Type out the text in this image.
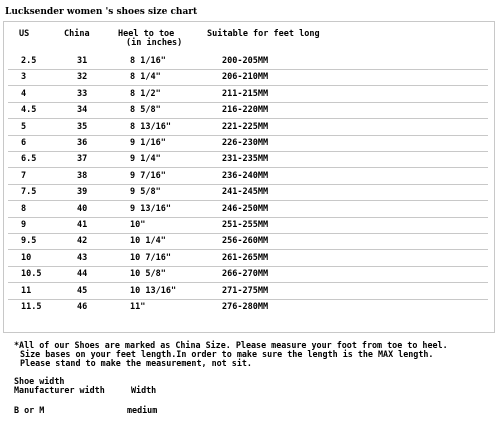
Lucksender women 's shoes size chart
US	China	Heel to toe
(in inches)
Suitable for feet long
2.5	31	8 1/16"	200-205MM
3	32	8 1/4"	206-210MM
4	33	8 1/2"	211-215MM
4.5	34	8 5/8"	216-220MM
5	35	8 13/16"	221-225MM
6	36	9 1/16"	226-230MM
6.5	37	9 1/4"	231-235MM
7	38	9 7/16"	236-240MM
7.5	39	9 5/8"	241-245MM
8	40	9 13/16"	246-250MM
9	41	10"	251-255MM
9.5	42	10 1/4"	256-260MM
10	43	10 7/16"	261-265MM
10.5	44	10 5/8"	266-270MM
11	45	10 13/16"	271-275MM
11.5	46	11"	276-280MM
*All of our Shoes are marked as China Size. Please measure your foot from toe to heel.
Size bases on your feet length.In order to make sure the length is the MAX length.
Please stand to make the measurement, not sit.
Shoe width
Manufacturer width	Width
B or M	medium
